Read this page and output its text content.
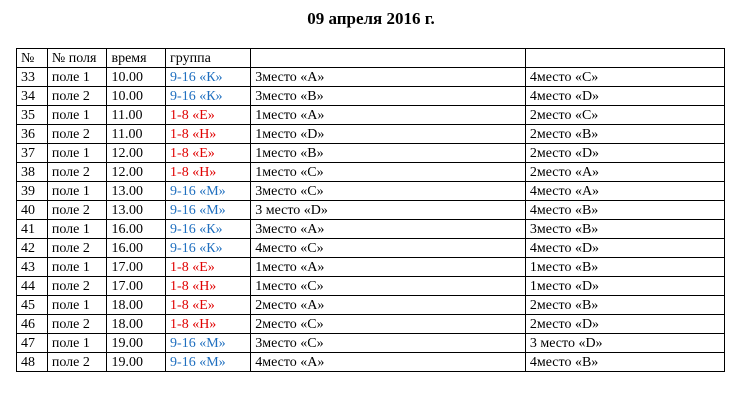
09 апреля 2016 г.
№	№ поля	время	группа		
33	поле 1	10.00	9-16 «К»	3место «А»	4место «С»
34	поле 2	10.00	9-16 «К»	3место «В»	4место «D»
35	поле 1	11.00	1-8 «Е»	1место «А»	2место «С»
36	поле 2	11.00	1-8 «Н»	1место «D»	2место «В»
37	поле 1	12.00	1-8 «Е»	1место «В»	2место «D»
38	поле 2	12.00	1-8 «Н»	1место «С»	2место «А»
39	поле 1	13.00	9-16 «М»	3место «С»	4место «А»
40	поле 2	13.00	9-16 «М»	3 место «D»	4место «В»
41	поле 1	16.00	9-16 «К»	3место «А»	3место «В»
42	поле 2	16.00	9-16 «К»	4место «С»	4место «D»
43	поле 1	17.00	1-8 «Е»	1место «А»	1место «В»
44	поле 2	17.00	1-8 «Н»	1место «С»	1место «D»
45	поле 1	18.00	1-8 «Е»	2место «А»	2место «В»
46	поле 2	18.00	1-8 «Н»	2место «С»	2место «D»
47	поле 1	19.00	9-16 «М»	3место «С»	3 место «D»
48	поле 2	19.00	9-16 «М»	4место «А»	4место «В»
